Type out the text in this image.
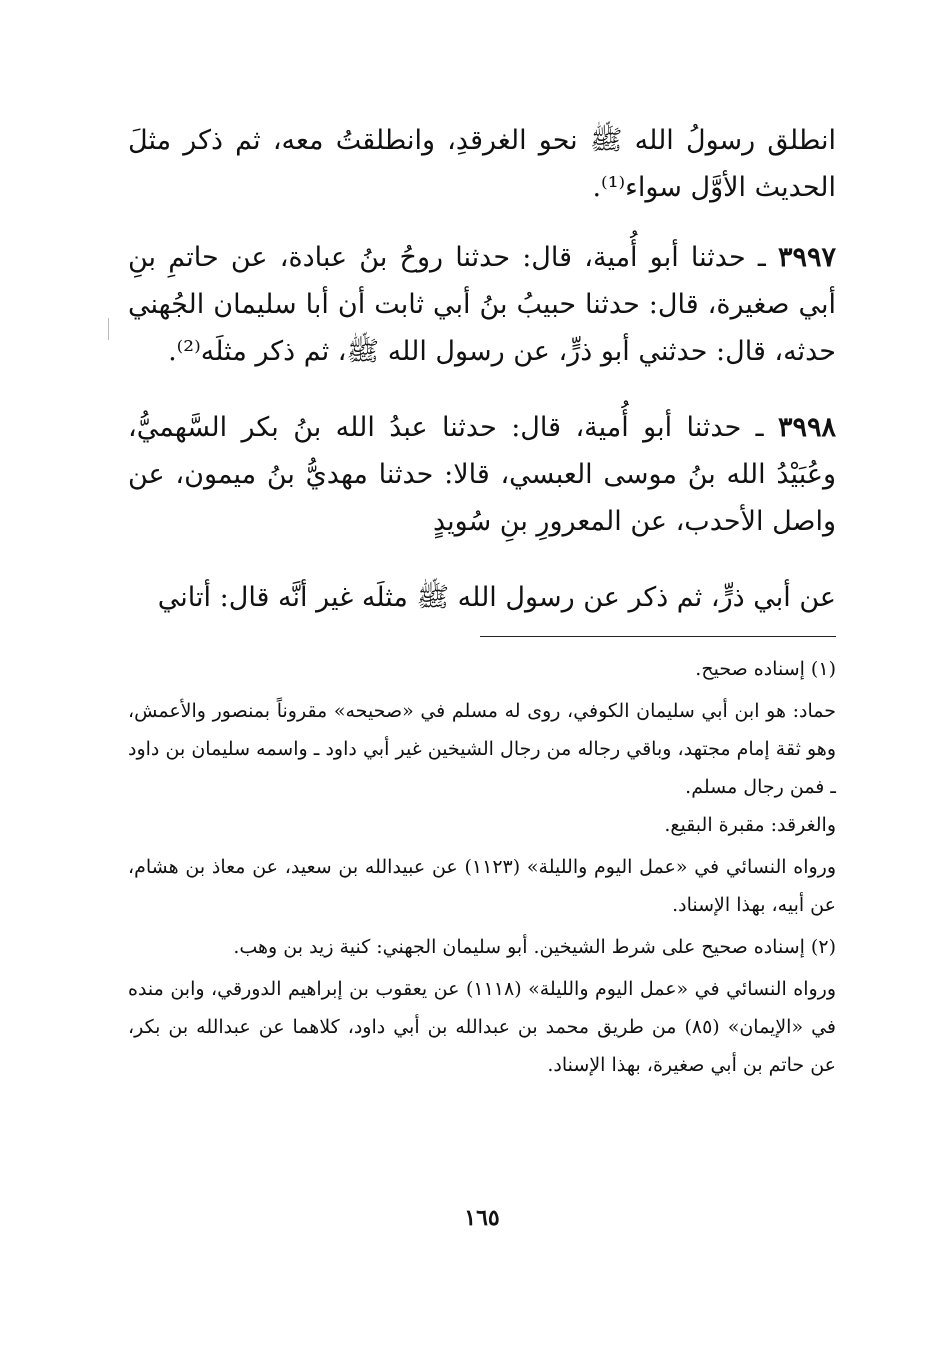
انطلق رسولُ الله ﷺ نحو الغرقدِ، وانطلقتُ معه، ثم ذكر مثلَ الحديث الأوَّل سواء⁽¹⁾.

٣٩٩٧ ـ حدثنا أبو أُمية، قال: حدثنا روحُ بنُ عبادة، عن حاتمِ بنِ أبي صغيرة، قال: حدثنا حبيبُ بنُ أبي ثابت أن أبا سليمان الجُهني حدثه، قال: حدثني أبو ذرٍّ، عن رسول الله ﷺ، ثم ذكر مثلَه⁽²⁾.

٣٩٩٨ ـ حدثنا أبو أُمية، قال: حدثنا عبدُ الله بنُ بكر السَّهميُّ، وعُبَيْدُ الله بنُ موسى العبسي، قالا: حدثنا مهديُّ بنُ ميمون، عن واصل الأحدب، عن المعرورِ بنِ سُويدٍ

عن أبي ذرٍّ، ثم ذكر عن رسول الله ﷺ مثلَه غير أنَّه قال: أتاني

(١) إسناده صحيح.

حماد: هو ابن أبي سليمان الكوفي، روى له مسلم في «صحيحه» مقروناً بمنصور والأعمش، وهو ثقة إمام مجتهد، وباقي رجاله من رجال الشيخين غير أبي داود ـ واسمه سليمان بن داود ـ فمن رجال مسلم.

والغرقد: مقبرة البقيع.

ورواه النسائي في «عمل اليوم والليلة» (١١٢٣) عن عبيدالله بن سعيد، عن معاذ بن هشام، عن أبيه، بهذا الإسناد.

(٢) إسناده صحيح على شرط الشيخين. أبو سليمان الجهني: كنية زيد بن وهب.

ورواه النسائي في «عمل اليوم والليلة» (١١١٨) عن يعقوب بن إبراهيم الدورقي، وابن منده في «الإيمان» (٨٥) من طريق محمد بن عبدالله بن أبي داود، كلاهما عن عبدالله بن بكر، عن حاتم بن أبي صغيرة، بهذا الإسناد.

١٦٥
